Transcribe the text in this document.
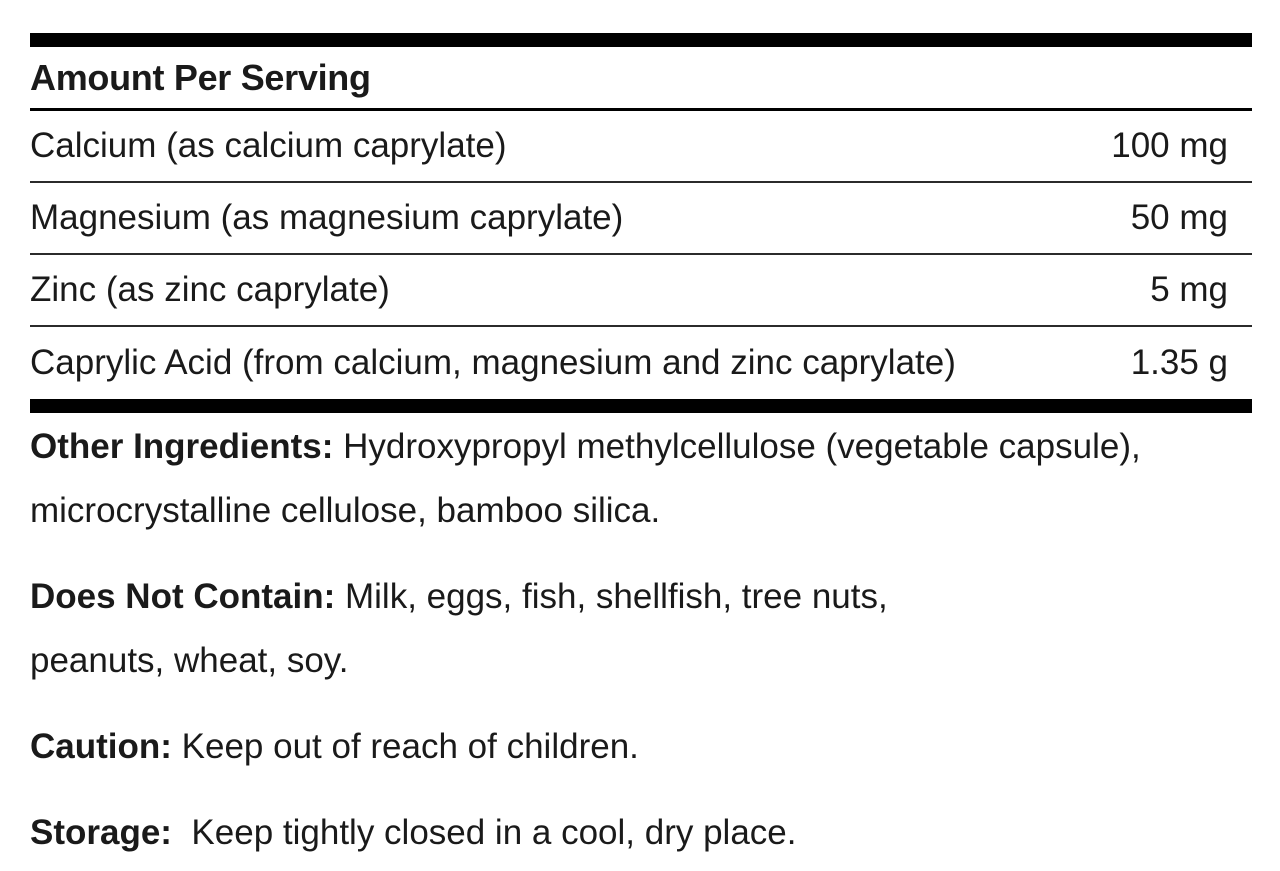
Amount Per Serving
Calcium (as calcium caprylate)	100 mg
Magnesium (as magnesium caprylate)	50 mg
Zinc (as zinc caprylate)	5 mg
Caprylic Acid (from calcium, magnesium and zinc caprylate)	1.35 g

Other Ingredients: Hydroxypropyl methylcellulose (vegetable capsule),

microcrystalline cellulose, bamboo silica.

Does Not Contain: Milk, eggs, fish, shellfish, tree nuts,

peanuts, wheat, soy.

Caution: Keep out of reach of children.

Storage:  Keep tightly closed in a cool, dry place.
